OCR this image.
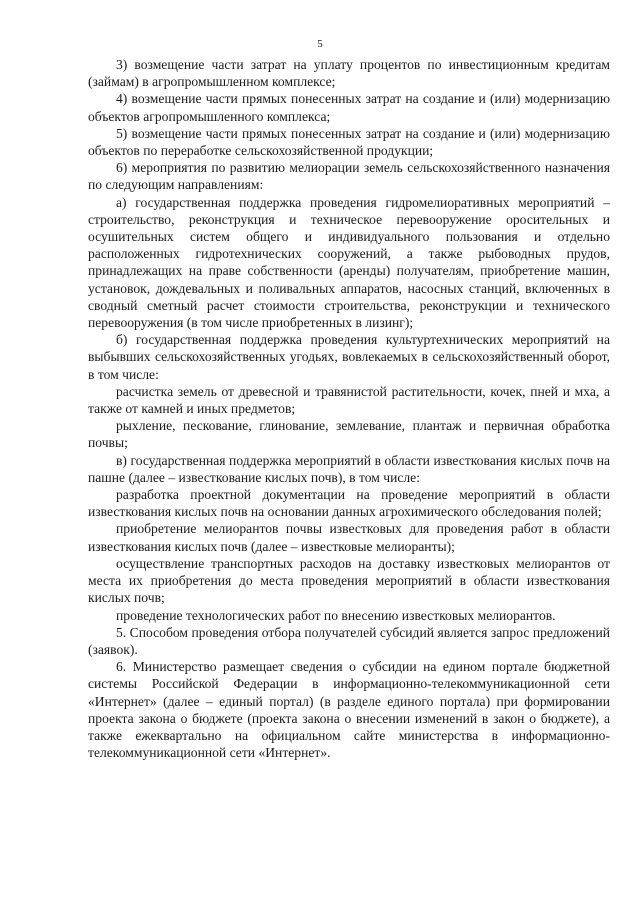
5

3) возмещение части затрат на уплату процентов по инвестиционным кредитам (займам) в агропромышленном комплексе;

4) возмещение части прямых понесенных затрат на создание и (или) модернизацию объектов агропромышленного комплекса;

5) возмещение части прямых понесенных затрат на создание и (или) модернизацию объектов по переработке сельскохозяйственной продукции;

6) мероприятия по развитию мелиорации земель сельскохозяйственного назначения по следующим направлениям:

а) государственная поддержка проведения гидромелиоративных мероприятий – строительство, реконструкция и техническое перевооружение оросительных и осушительных систем общего и индивидуального пользования и отдельно расположенных гидротехнических сооружений, а также рыбоводных прудов, принадлежащих на праве собственности (аренды) получателям, приобретение машин, установок, дождевальных и поливальных аппаратов, насосных станций, включенных в сводный сметный расчет стоимости строительства, реконструкции и технического перевооружения (в том числе приобретенных в лизинг);

б) государственная поддержка проведения культуртехнических мероприятий на выбывших сельскохозяйственных угодьях, вовлекаемых в сельскохозяйственный оборот, в том числе:

расчистка земель от древесной и травянистой растительности, кочек, пней и мха, а также от камней и иных предметов;

рыхление, пескование, глинование, землевание, плантаж и первичная обработка почвы;

в) государственная поддержка мероприятий в области известкования кислых почв на пашне (далее – известкование кислых почв), в том числе:

разработка проектной документации на проведение мероприятий в области известкования кислых почв на основании данных агрохимического обследования полей;

приобретение мелиорантов почвы известковых для проведения работ в области известкования кислых почв (далее – известковые мелиоранты);

осуществление транспортных расходов на доставку известковых мелиорантов от места их приобретения до места проведения мероприятий в области известкования кислых почв;

проведение технологических работ по внесению известковых мелиорантов.

5. Способом проведения отбора получателей субсидий является запрос предложений (заявок).

6. Министерство размещает сведения о субсидии на едином портале бюджетной системы Российской Федерации в информационно-телекоммуникационной сети «Интернет» (далее – единый портал) (в разделе единого портала) при формировании проекта закона о бюджете (проекта закона о внесении изменений в закон о бюджете), а также ежеквартально на официальном сайте министерства в информационно-телекоммуникационной сети «Интернет».
